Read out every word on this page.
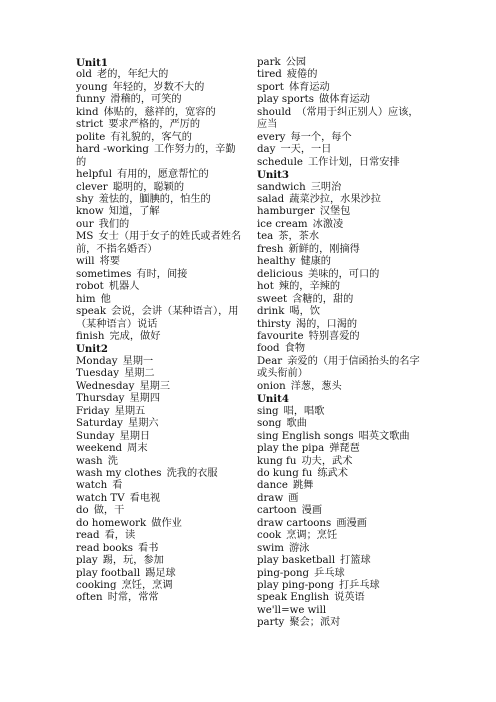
Unit1
old 老的，年纪大的
young 年轻的，岁数不大的
funny 滑稽的，可笑的
kind 体贴的，慈祥的，宽容的
strict 要求严格的，严厉的
polite 有礼貌的，客气的
hard -working 工作努力的，辛勤的
helpful 有用的，愿意帮忙的
clever 聪明的，聪颖的
shy 羞怯的，腼腆的，怕生的
know 知道，了解
our 我们的
MS 女士（用于女子的姓氏或者姓名前，不指名婚否）
will 将要
sometimes 有时，间接
robot 机器人
him 他
speak 会说，会讲（某种语言），用（某种语言）说话
finish 完成，做好
Unit2
Monday 星期一
Tuesday 星期二
Wednesday 星期三
Thursday 星期四
Friday 星期五
Saturday 星期六
Sunday 星期日
weekend 周末
wash 洗
wash my clothes 洗我的衣服
watch 看
watch TV 看电视
do 做，干
do homework 做作业
read 看，读
read books 看书
play 踢，玩，参加
play football 踢足球
cooking 烹饪，烹调
often 时常，常常
park 公园
tired 疲倦的
sport 体育运动
play sports 做体育运动
should （常用于纠正别人）应该，应当
every 每一个，每个
day 一天，一日
schedule 工作计划，日常安排
Unit3
sandwich 三明治
salad 蔬菜沙拉，水果沙拉
hamburger 汉堡包
ice cream 冰激凌
tea 茶，茶水
fresh 新鲜的，刚摘得
healthy 健康的
delicious 美味的，可口的
hot 辣的，辛辣的
sweet 含糖的，甜的
drink 喝，饮
thirsty 渴的，口渴的
favourite 特别喜爱的
food 食物
Dear 亲爱的（用于信函抬头的名字或头衔前）
onion 洋葱，葱头
Unit4
sing 唱，唱歌
song 歌曲
sing English songs 唱英文歌曲
play the pipa 弹琵琶
kung fu 功夫，武术
do kung fu 练武术
dance 跳舞
draw 画
cartoon 漫画
draw cartoons 画漫画
cook 烹调；烹饪
swim 游泳
play basketball 打篮球
ping-pong 乒乓球
play ping-pong 打乒乓球
speak English 说英语
we'll=we will
party 聚会；派对
